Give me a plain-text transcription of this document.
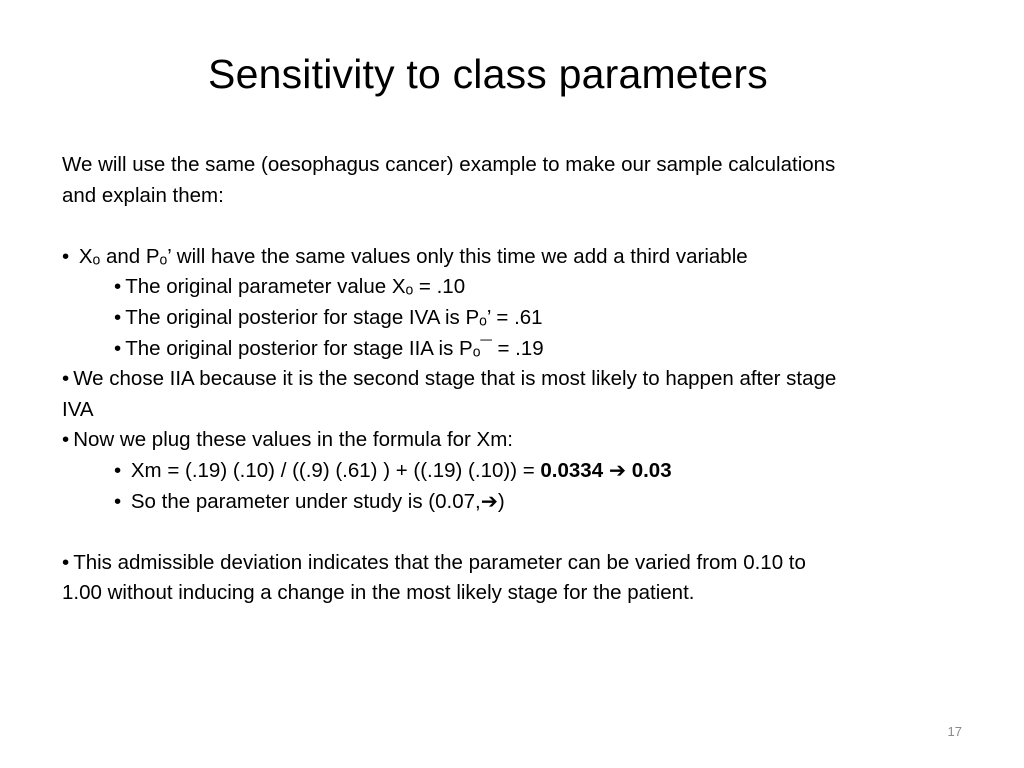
Sensitivity to class parameters
We will use the same (oesophagus cancer) example to make our sample calculations
and explain them:
• Xₒ and Pₒ’ will have the same values only this time we add a third variable
• The original parameter value Xₒ = .10
• The original posterior for stage IVA is Pₒ’ = .61
• The original posterior for stage IIA is Pₒ¯ = .19
• We chose IIA because it is the second stage that is most likely to happen after stage
IVA
• Now we plug these values in the formula for Xm:
• Xm = (.19) (.10) / ((.9) (.61) ) + ((.19) (.10)) = 0.0334 ➔ 0.03
• So the parameter under study is (0.07,➔)
• This admissible deviation indicates that the parameter can be varied from 0.10 to
1.00 without inducing a change in the most likely stage for the patient.
17
